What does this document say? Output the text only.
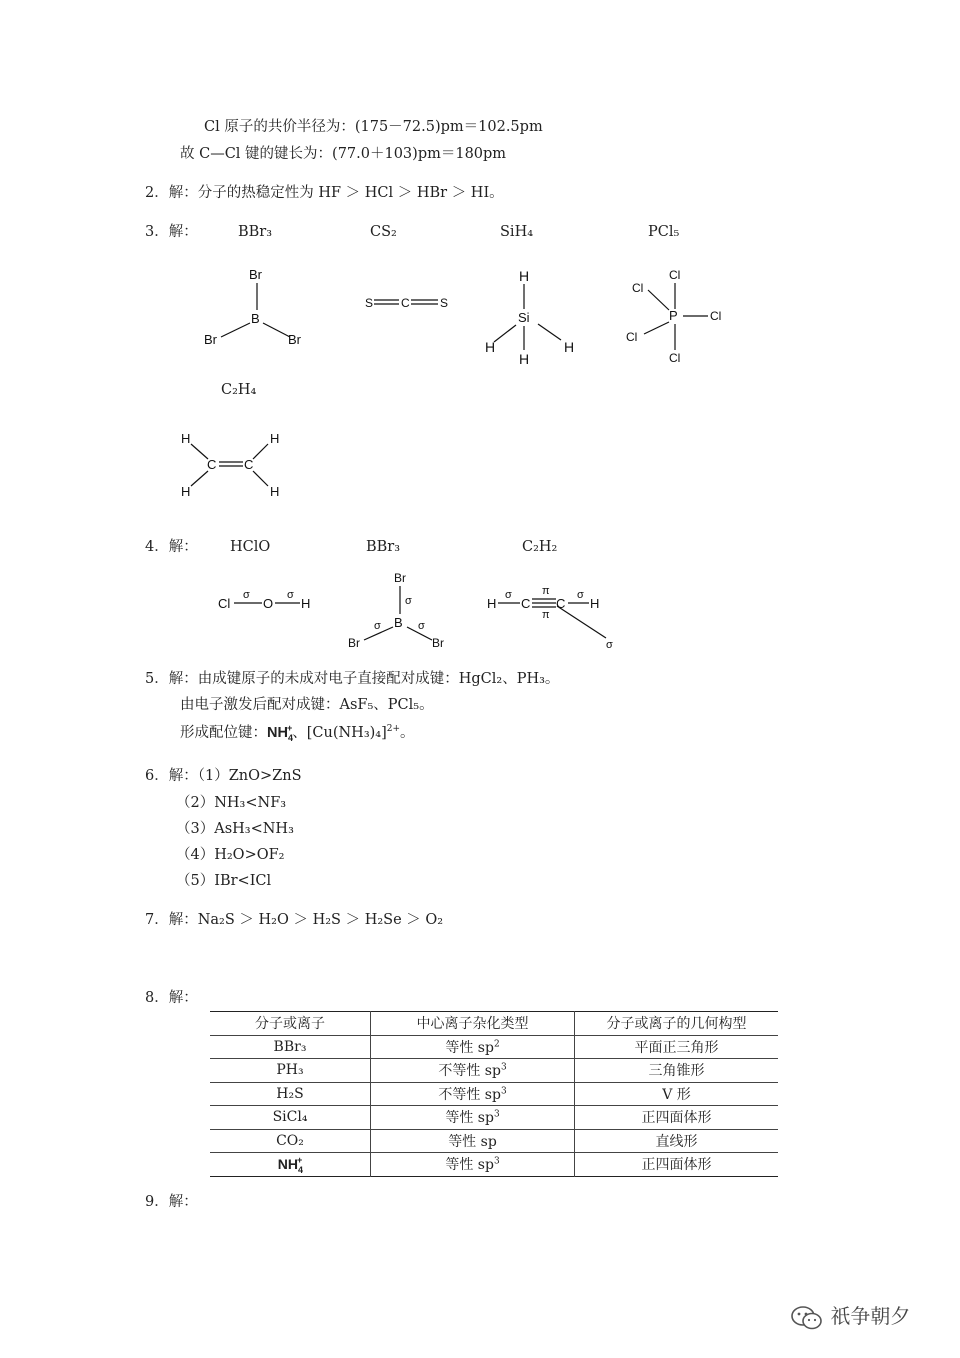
Cl 原子的共价半径为：(175－72.5)pm＝102.5pm
故 C—Cl 键的键长为：(77.0＋103)pm＝180pm
2．解：分子的热稳定性为 HF ＞ HCl ＞ HBr ＞ HI。
3．解：	BBr₃	CS₂	SiH₄	PCl₅
Br
B
Br	Br
S C	S
H
Si
H	H
H
Cl
Cl
P	Cl
Cl
Cl
H	H
C C
H	H
Cl
σ
O
σ
H
Br
σ
B
σ	σ
Br	Br
H
σ
C
π
π
C
σ
H
σ
C₂H₄
4．解： HClO	BBr₃	C₂H₂
5．解：由成键原子的未成对电子直接配对成键：HgCl₂、PH₃。
由电子激发后配对成键：AsF₅、PCl₅。
形成配位键：$NH_4^+$、$[Cu(NH_3)_4]^{2+}$。
6．解：（1）ZnO>ZnS
（2）NH₃<NF₃
（3）AsH₃<NH₃
（4）H₂O>OF₂
（5）IBr<ICl
7．解：Na₂S ＞ H₂O ＞ H₂S ＞ H₂Se ＞ O₂
8．解：
分子或离子	中心离子杂化类型	分子或离子的几何构型
BBr₃	等性 $sp^2$	平面正三角形
PH₃	不等性 $sp^3$	三角锥形
H₂S	不等性 $sp^3$	V 形
SiCl₄	等性 $sp^3$	正四面体形
CO₂	等性 sp	直线形
$NH_4^+$	等性 $sp^3$	正四面体形
9．解：
祇争朝夕
